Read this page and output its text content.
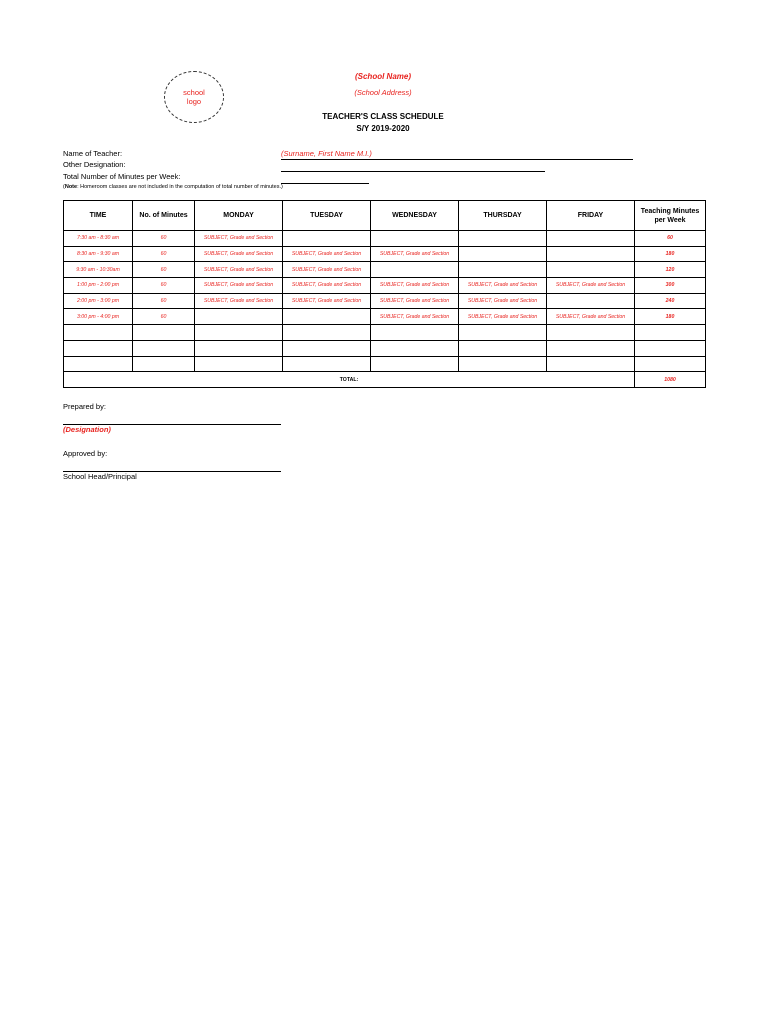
school
logo
(School Name)
(School Address)
TEACHER'S CLASS SCHEDULE
S/Y 2019-2020
Name of Teacher:	(Surname, First Name M.I.)
Other Designation:
Total Number of Minutes per Week:
(Note: Homeroom classes are not included in the computation of total number of minutes.)
TIME	No. of Minutes	MONDAY	TUESDAY	WEDNESDAY	THURSDAY	FRIDAY	Teaching Minutes per Week
7:30 am - 8:30 am	60	SUBJECT, Grade and Section					60
8:30 am - 9:30 am	60	SUBJECT, Grade and Section	SUBJECT, Grade and Section	SUBJECT, Grade and Section			180
9:30 am - 10:30am	60	SUBJECT, Grade and Section	SUBJECT, Grade and Section				120
1:00 pm - 2:00 pm	60	SUBJECT, Grade and Section	SUBJECT, Grade and Section	SUBJECT, Grade and Section	SUBJECT, Grade and Section	SUBJECT, Grade and Section	300
2:00 pm - 3:00 pm	60	SUBJECT, Grade and Section	SUBJECT, Grade and Section	SUBJECT, Grade and Section	SUBJECT, Grade and Section		240
3:00 pm - 4:00 pm	60			SUBJECT, Grade and Section	SUBJECT, Grade and Section	SUBJECT, Grade and Section	180

TOTAL:							1080
Prepared by:
(Designation)
Approved by:
School Head/Principal
